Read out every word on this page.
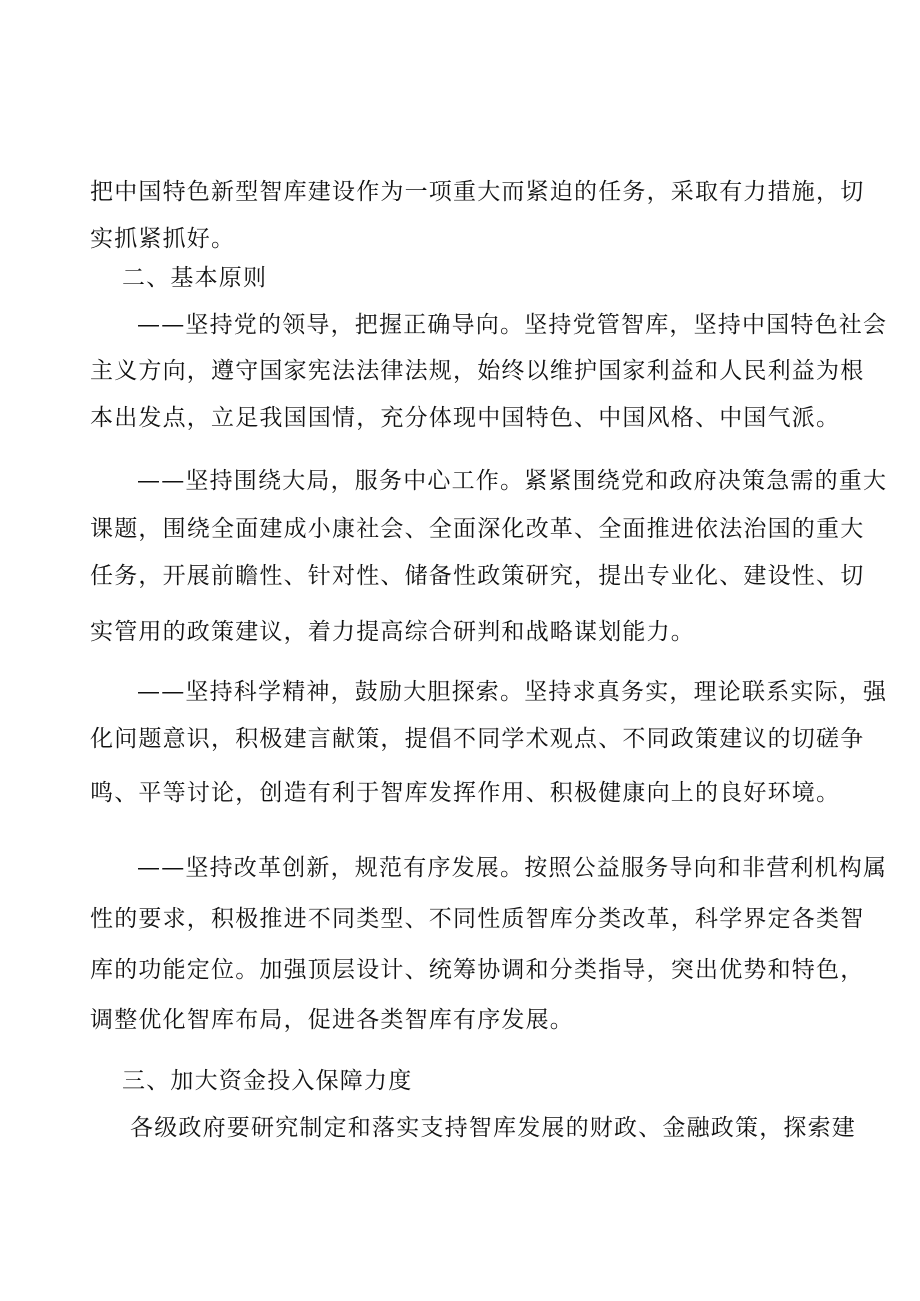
把中国特色新型智库建设作为一项重大而紧迫的任务，采取有力措施，切
实抓紧抓好。
二、基本原则
——坚持党的领导，把握正确导向。坚持党管智库，坚持中国特色社会
主义方向，遵守国家宪法法律法规，始终以维护国家利益和人民利益为根
本出发点，立足我国国情，充分体现中国特色、中国风格、中国气派。
——坚持围绕大局，服务中心工作。紧紧围绕党和政府决策急需的重大
课题，围绕全面建成小康社会、全面深化改革、全面推进依法治国的重大
任务，开展前瞻性、针对性、储备性政策研究，提出专业化、建设性、切
实管用的政策建议，着力提高综合研判和战略谋划能力。
——坚持科学精神，鼓励大胆探索。坚持求真务实，理论联系实际，强
化问题意识，积极建言献策，提倡不同学术观点、不同政策建议的切磋争
鸣、平等讨论，创造有利于智库发挥作用、积极健康向上的良好环境。
——坚持改革创新，规范有序发展。按照公益服务导向和非营利机构属
性的要求，积极推进不同类型、不同性质智库分类改革，科学界定各类智
库的功能定位。加强顶层设计、统筹协调和分类指导，突出优势和特色，
调整优化智库布局，促进各类智库有序发展。
三、加大资金投入保障力度
各级政府要研究制定和落实支持智库发展的财政、金融政策，探索建
